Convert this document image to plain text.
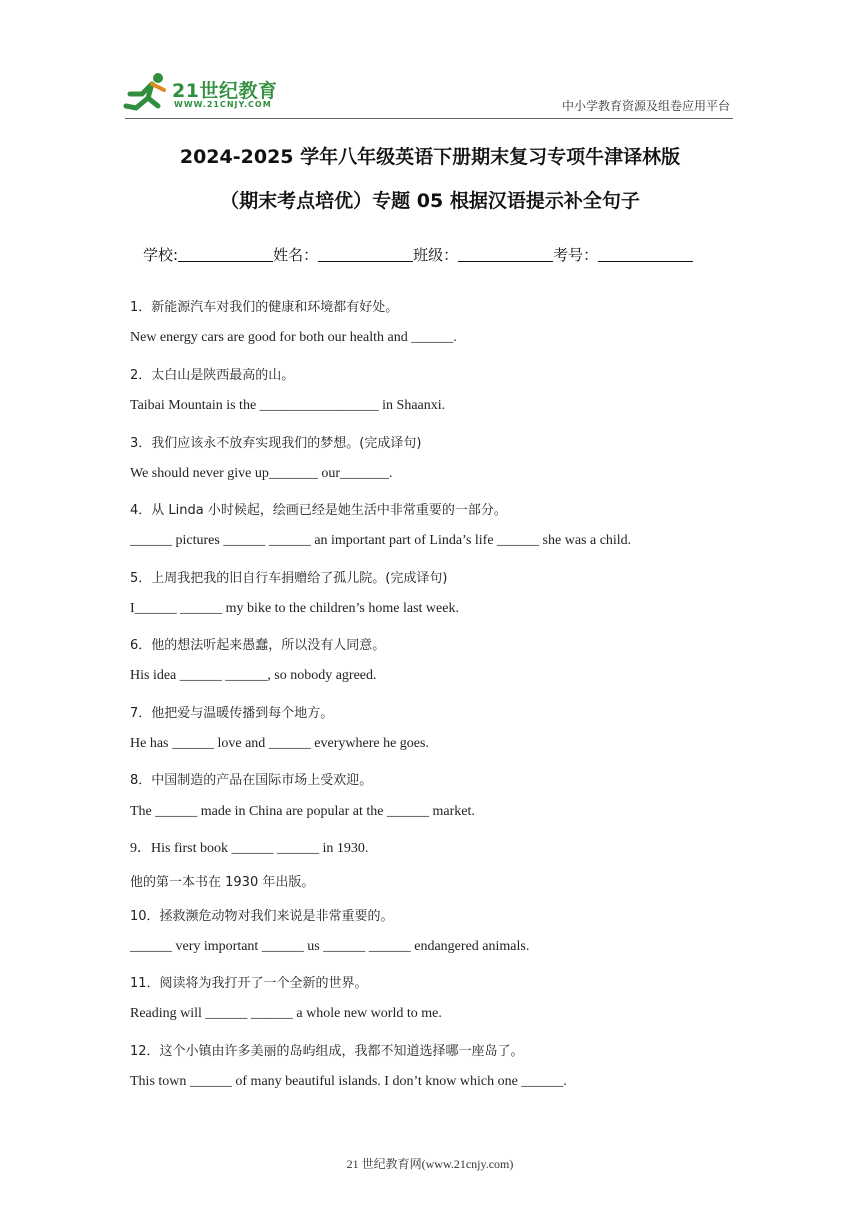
21世纪教育
WWW.21CNJY.COM	中小学教育资源及组卷应用平台
2024-2025 学年八年级英语下册期末复习专项牛津译林版
（期末考点培优）专题 05 根据汉语提示补全句子
学校:	姓名：	班级：	考号：
1．新能源汽车对我们的健康和环境都有好处。
New energy cars are good for both our health and ______.
2．太白山是陕西最高的山。
Taibai Mountain is the _________________ in Shaanxi.
3．我们应该永不放弃实现我们的梦想。(完成译句)
We should never give up_______ our_______.
4．从 Linda 小时候起，绘画已经是她生活中非常重要的一部分。
______ pictures ______ ______ an important part of Linda’s life ______ she was a child.
5．上周我把我的旧自行车捐赠给了孤儿院。(完成译句)
I______ ______ my bike to the children’s home last week.
6．他的想法听起来愚蠢，所以没有人同意。
His idea ______ ______, so nobody agreed.
7．他把爱与温暖传播到每个地方。
He has ______ love and ______ everywhere he goes.
8．中国制造的产品在国际市场上受欢迎。
The ______ made in China are popular at the ______ market.
9．His first book ______ ______ in 1930.
他的第一本书在 1930 年出版。
10．拯救濒危动物对我们来说是非常重要的。
______ very important ______ us ______ ______ endangered animals.
11．阅读将为我打开了一个全新的世界。
Reading will ______ ______ a whole new world to me.
12．这个小镇由许多美丽的岛屿组成，我都不知道选择哪一座岛了。
This town ______ of many beautiful islands. I don’t know which one ______.
21 世纪教育网(www.21cnjy.com)
